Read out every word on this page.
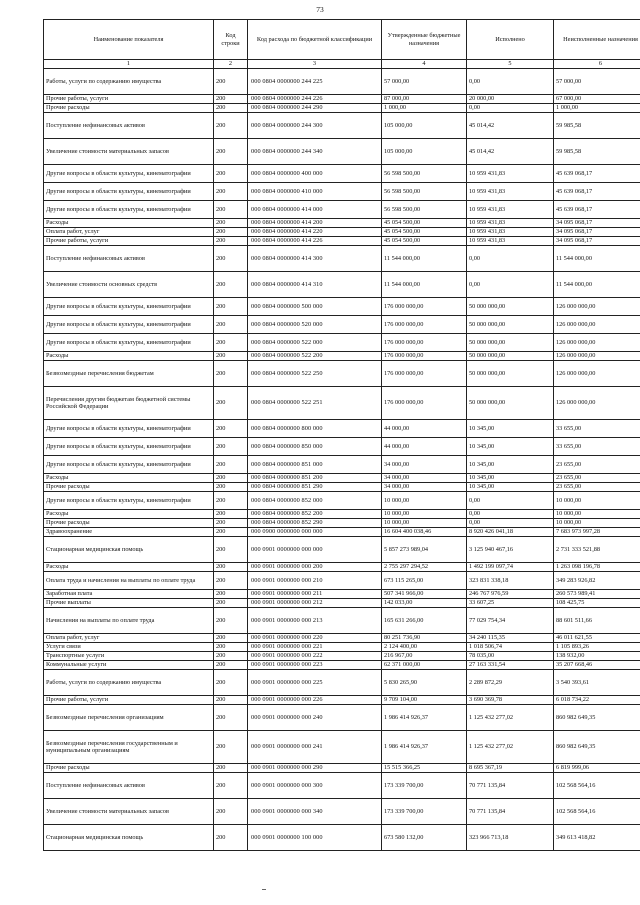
73
Наименование показателя	Код строки	Код расхода по бюджетной классификации	Утвержденные бюджетные назначения	Исполнено	Неисполненные назначения
1	2	3	4	5	6
Работы, услуги по содержанию имущества	200	000 0804 0000000 244 225	57 000,00	0,00	57 000,00
Прочие работы, услуги	200	000 0804 0000000 244 226	87 000,00	20 000,00	67 000,00
Прочие расходы	200	000 0804 0000000 244 290	1 000,00	0,00	1 000,00
Поступление нефинансовых активов	200	000 0804 0000000 244 300	105 000,00	45 014,42	59 985,58
Увеличение стоимости материальных запасов	200	000 0804 0000000 244 340	105 000,00	45 014,42	59 985,58
Другие вопросы в области культуры, кинематографии	200	000 0804 0000000 400 000	56 598 500,00	10 959 431,83	45 639 068,17
Другие вопросы в области культуры, кинематографии	200	000 0804 0000000 410 000	56 598 500,00	10 959 431,83	45 639 068,17
Другие вопросы в области культуры, кинематографии	200	000 0804 0000000 414 000	56 598 500,00	10 959 431,83	45 639 068,17
Расходы	200	000 0804 0000000 414 200	45 054 500,00	10 959 431,83	34 095 068,17
Оплата работ, услуг	200	000 0804 0000000 414 220	45 054 500,00	10 959 431,83	34 095 068,17
Прочие работы, услуги	200	000 0804 0000000 414 226	45 054 500,00	10 959 431,83	34 095 068,17
Поступление нефинансовых активов	200	000 0804 0000000 414 300	11 544 000,00	0,00	11 544 000,00
Увеличение стоимости основных средств	200	000 0804 0000000 414 310	11 544 000,00	0,00	11 544 000,00
Другие вопросы в области культуры, кинематографии	200	000 0804 0000000 500 000	176 000 000,00	50 000 000,00	126 000 000,00
Другие вопросы в области культуры, кинематографии	200	000 0804 0000000 520 000	176 000 000,00	50 000 000,00	126 000 000,00
Другие вопросы в области культуры, кинематографии	200	000 0804 0000000 522 000	176 000 000,00	50 000 000,00	126 000 000,00
Расходы	200	000 0804 0000000 522 200	176 000 000,00	50 000 000,00	126 000 000,00
Безвозмездные перечисления бюджетам	200	000 0804 0000000 522 250	176 000 000,00	50 000 000,00	126 000 000,00
Перечисления другим бюджетам бюджетной системы Российской Федерации	200	000 0804 0000000 522 251	176 000 000,00	50 000 000,00	126 000 000,00
Другие вопросы в области культуры, кинематографии	200	000 0804 0000000 800 000	44 000,00	10 345,00	33 655,00
Другие вопросы в области культуры, кинематографии	200	000 0804 0000000 850 000	44 000,00	10 345,00	33 655,00
Другие вопросы в области культуры, кинематографии	200	000 0804 0000000 851 000	34 000,00	10 345,00	23 655,00
Расходы	200	000 0804 0000000 851 200	34 000,00	10 345,00	23 655,00
Прочие расходы	200	000 0804 0000000 851 290	34 000,00	10 345,00	23 655,00
Другие вопросы в области культуры, кинематографии	200	000 0804 0000000 852 000	10 000,00	0,00	10 000,00
Расходы	200	000 0804 0000000 852 200	10 000,00	0,00	10 000,00
Прочие расходы	200	000 0804 0000000 852 290	10 000,00	0,00	10 000,00
Здравоохранение	200	000 0900 0000000 000 000	16 604 400 038,46	8 920 426 041,18	7 683 973 997,28
Стационарная медицинская помощь	200	000 0901 0000000 000 000	5 857 273 989,04	3 125 940 467,16	2 731 333 521,88
Расходы	200	000 0901 0000000 000 200	2 755 297 294,52	1 492 199 097,74	1 263 098 196,78
Оплата труда и начисления на выплаты по оплате труда	200	000 0901 0000000 000 210	673 115 265,00	323 831 338,18	349 283 926,82
Заработная плата	200	000 0901 0000000 000 211	507 341 966,00	246 767 976,59	260 573 989,41
Прочие выплаты	200	000 0901 0000000 000 212	142 033,00	33 607,25	108 425,75
Начисления на выплаты по оплате труда	200	000 0901 0000000 000 213	165 631 266,00	77 029 754,34	88 601 511,66
Оплата работ, услуг	200	000 0901 0000000 000 220	80 251 736,90	34 240 115,35	46 011 621,55
Услуги связи	200	000 0901 0000000 000 221	2 124 400,00	1 018 506,74	1 105 893,26
Транспортные услуги	200	000 0901 0000000 000 222	216 967,00	78 035,00	138 932,00
Коммунальные услуги	200	000 0901 0000000 000 223	62 371 000,00	27 163 331,54	35 207 668,46
Работы, услуги по содержанию имущества	200	000 0901 0000000 000 225	5 830 265,90	2 289 872,29	3 540 393,61
Прочие работы, услуги	200	000 0901 0000000 000 226	9 709 104,00	3 690 369,78	6 018 734,22
Безвозмездные перечисления организациям	200	000 0901 0000000 000 240	1 986 414 926,37	1 125 432 277,02	860 982 649,35
Безвозмездные перечисления государственным и муниципальным организациям	200	000 0901 0000000 000 241	1 986 414 926,37	1 125 432 277,02	860 982 649,35
Прочие расходы	200	000 0901 0000000 000 290	15 515 366,25	8 695 367,19	6 819 999,06
Поступление нефинансовых активов	200	000 0901 0000000 000 300	173 339 700,00	70 771 135,84	102 568 564,16
Увеличение стоимости материальных запасов	200	000 0901 0000000 000 340	173 339 700,00	70 771 135,84	102 568 564,16
Стационарная медицинская помощь	200	000 0901 0000000 100 000	673 580 132,00	323 966 713,18	349 613 418,82
